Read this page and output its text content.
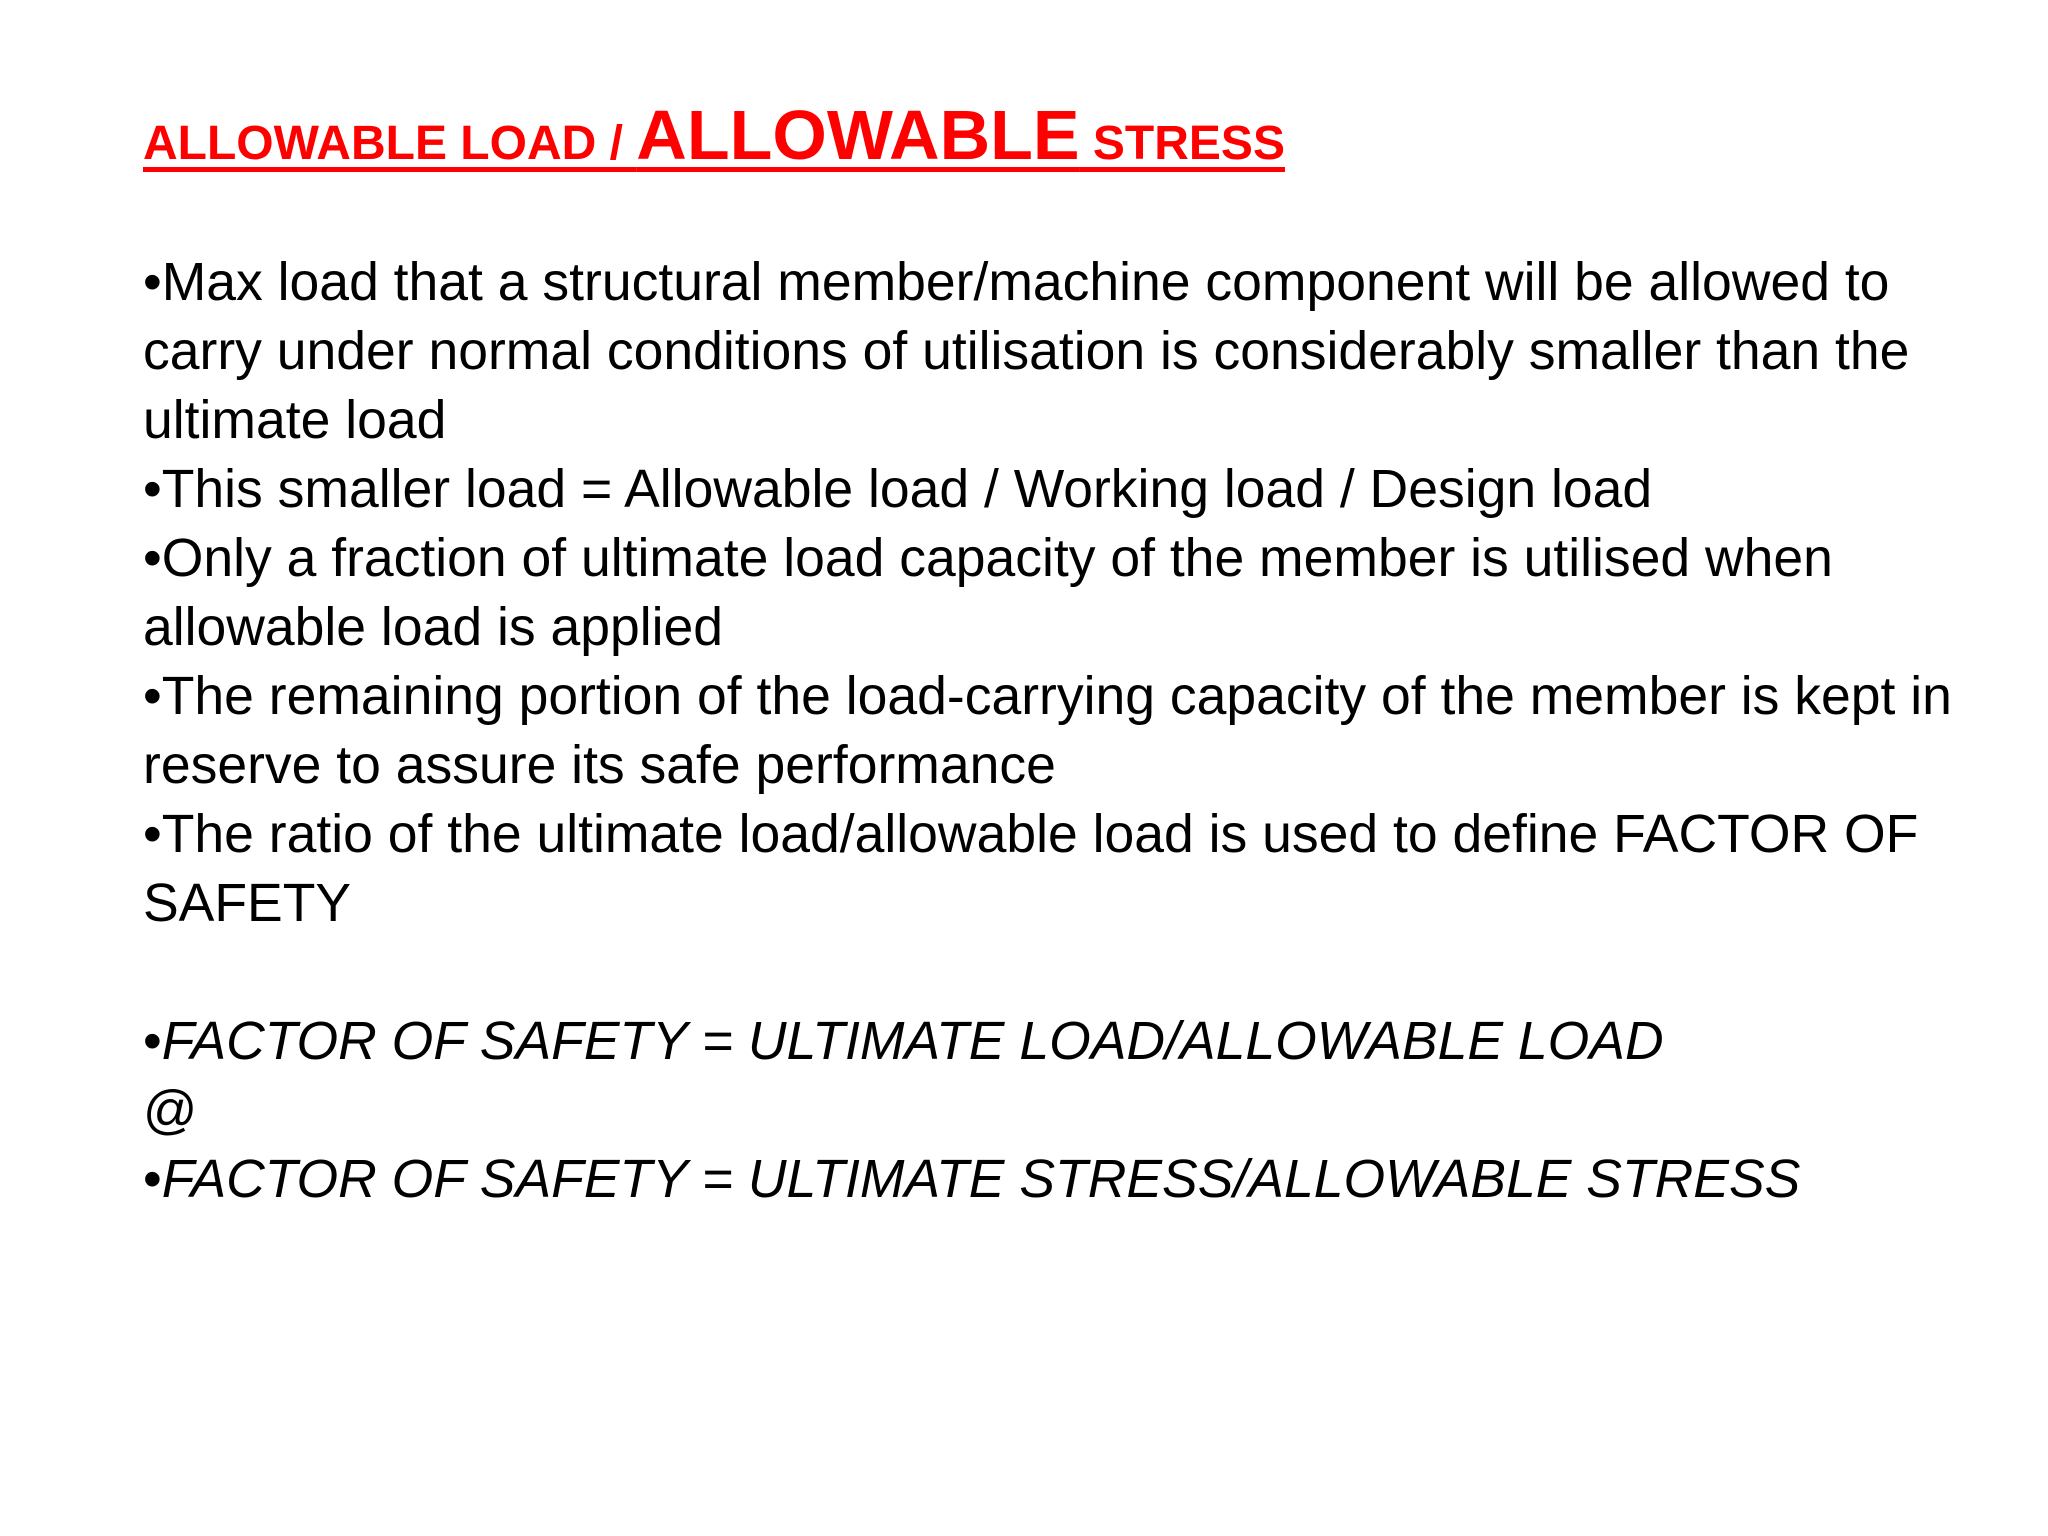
ALLOWABLE LOAD / ALLOWABLE STRESS

•Max load that a structural member/machine component will be allowed to carry under normal conditions of utilisation is considerably smaller than the ultimate load

•This smaller load = Allowable load / Working load / Design load

•Only a fraction of ultimate load capacity of the member is utilised when allowable load is applied

•The remaining portion of the load-carrying capacity of the member is kept in reserve to assure its safe performance

•The ratio of the ultimate load/allowable load is used to define FACTOR OF SAFETY

•FACTOR OF SAFETY = ULTIMATE LOAD/ALLOWABLE LOAD

@

•FACTOR OF SAFETY = ULTIMATE STRESS/ALLOWABLE STRESS
